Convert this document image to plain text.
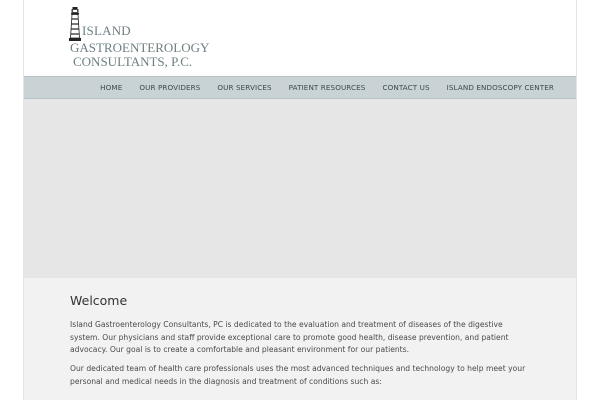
ISLAND
GASTROENTEROLOGY
CONSULTANTS, P.C.
HOME OUR PROVIDERS OUR SERVICES PATIENT RESOURCES CONTACT US ISLAND ENDOSCOPY CENTER
Welcome

Island Gastroenterology Consultants, PC is dedicated to the evaluation and treatment of diseases of the digestive system. Our physicians and staff provide exceptional care to promote good health, disease prevention, and patient advocacy. Our goal is to create a comfortable and pleasant environment for our patients.

Our dedicated team of health care professionals uses the most advanced techniques and technology to help meet your personal and medical needs in the diagnosis and treatment of conditions such as:
